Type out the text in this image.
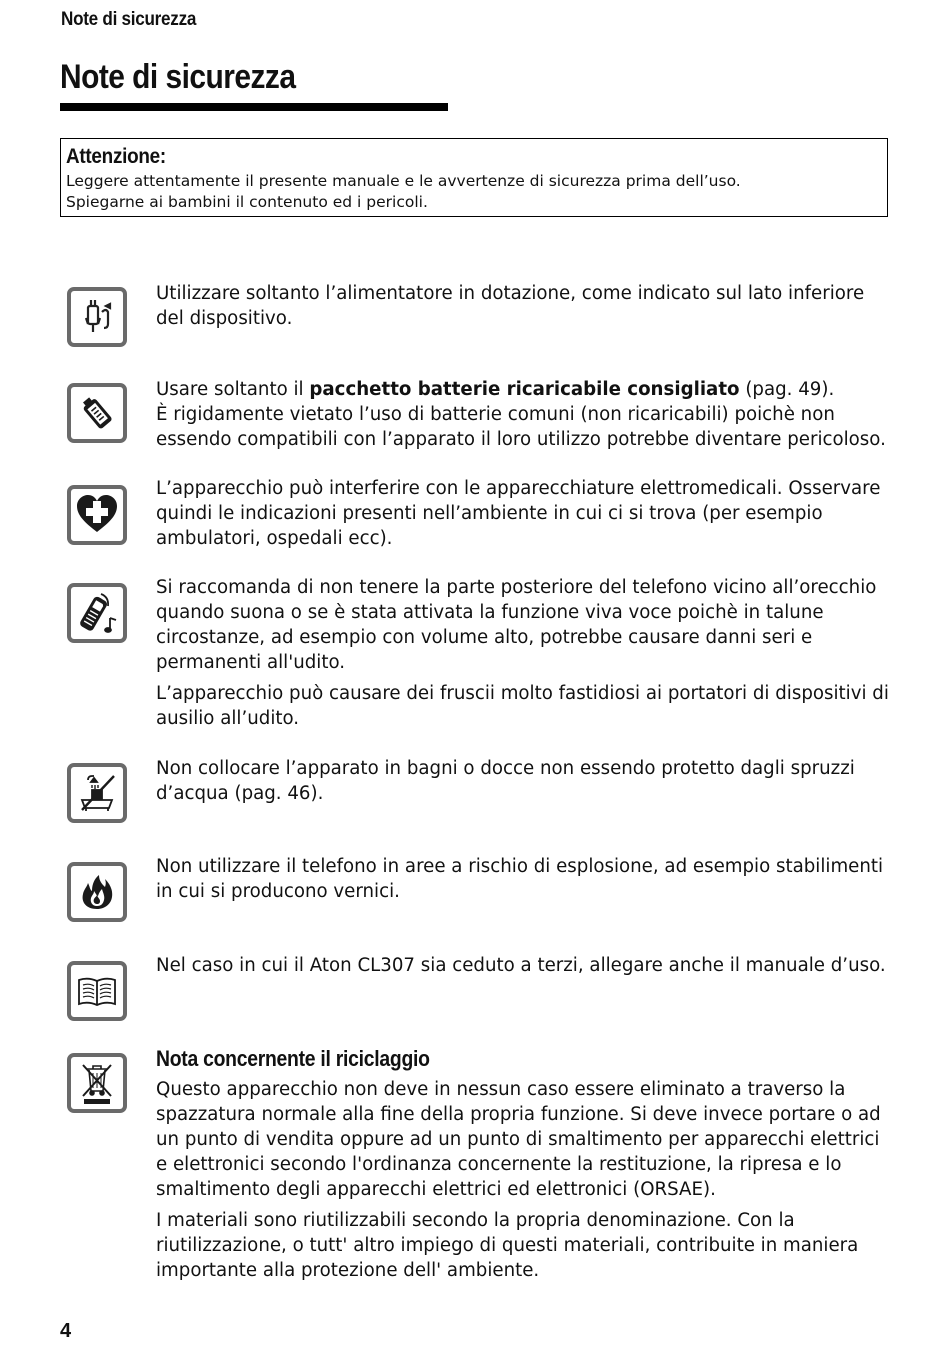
Note di sicurezza
Note di sicurezza
Attenzione:
Leggere attentamente il presente manuale e le avvertenze di sicurezza prima dell’uso.
Spiegarne ai bambini il contenuto ed i pericoli.

Utilizzare soltanto l’alimentatore in dotazione, come indicato sul lato inferiore del dispositivo.

Usare soltanto il pacchetto batterie ricaricabile consigliato (pag. 49).
È rigidamente vietato l’uso di batterie comuni (non ricaricabili) poichè non essendo compatibili con l’apparato il loro utilizzo potrebbe diventare pericoloso.

L’apparecchio può interferire con le apparecchiature elettromedicali. Osservare quindi le indicazioni presenti nell’ambiente in cui ci si trova (per esempio ambulatori, ospedali ecc).

Si raccomanda di non tenere la parte posteriore del telefono vicino all’orecchio quando suona o se è stata attivata la funzione viva voce poichè in talune circostanze, ad esempio con volume alto, potrebbe causare danni seri e permanenti all'udito.

L’apparecchio può causare dei fruscii molto fastidiosi ai portatori di dispositivi di ausilio all’udito.

Non collocare l’apparato in bagni o docce non essendo protetto dagli spruzzi d’acqua (pag. 46).

Non utilizzare il telefono in aree a rischio di esplosione, ad esempio stabilimenti in cui si producono vernici.

Nel caso in cui il Aton CL307 sia ceduto a terzi, allegare anche il manuale d’uso.

Nota concernente il riciclaggio

Questo apparecchio non deve in nessun caso essere eliminato a traverso la spazzatura normale alla fine della propria funzione. Si deve invece portare o ad un punto di vendita oppure ad un punto di smaltimento per apparecchi elettrici e elettronici secondo l'ordinanza concernente la restituzione, la ripresa e lo smaltimento degli apparecchi elettrici ed elettronici (ORSAE).

I materiali sono riutilizzabili secondo la propria denominazione. Con la riutilizzazione, o tutt' altro impiego di questi materiali, contribuite in maniera importante alla protezione dell' ambiente.

4
